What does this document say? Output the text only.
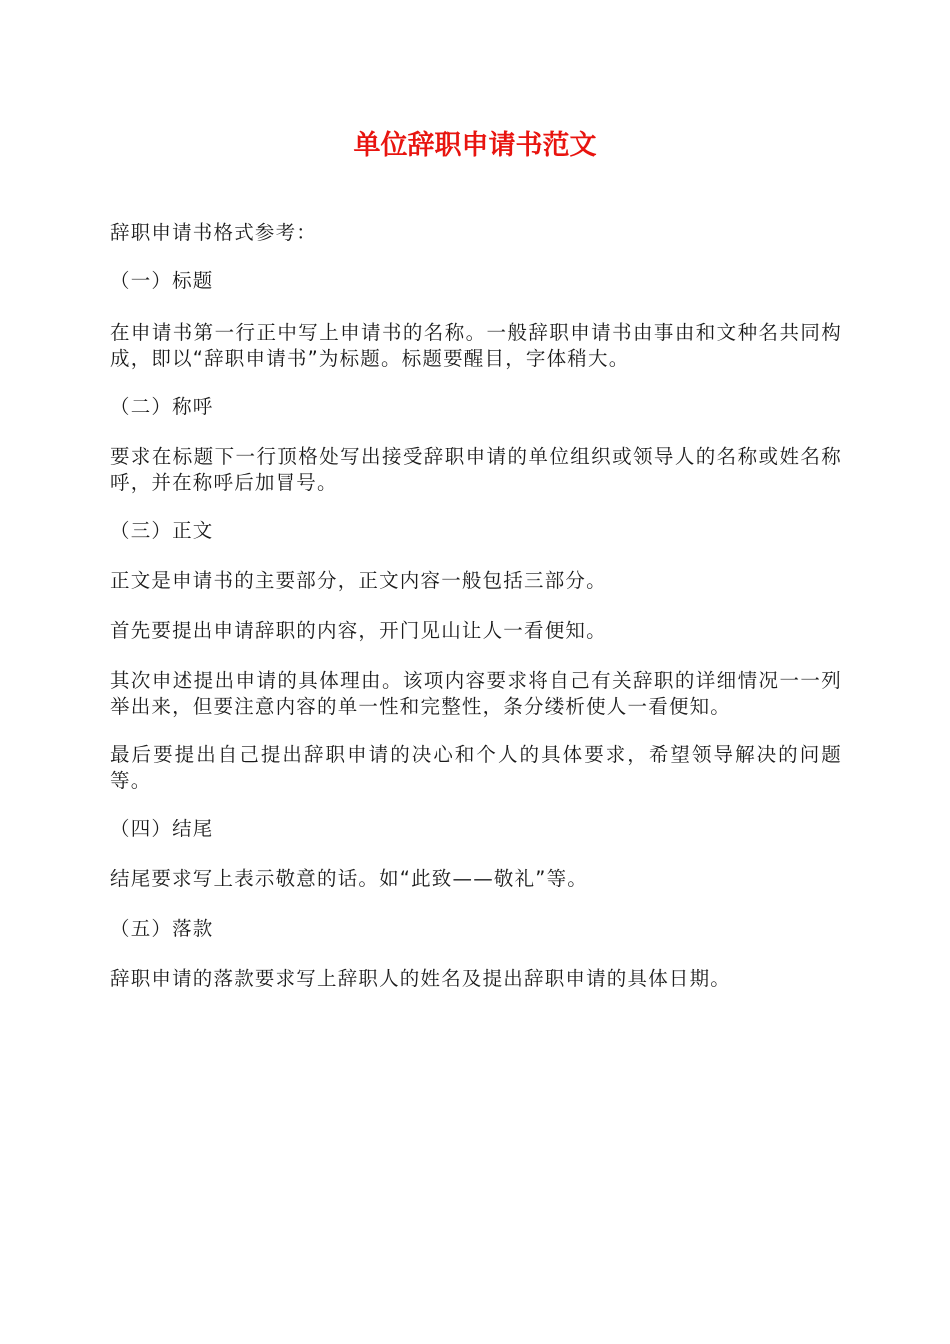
单位辞职申请书范文

辞职申请书格式参考：

（一）标题

在申请书第一行正中写上申请书的名称。一般辞职申请书由事由和文种名共同构成，即以“辞职申请书”为标题。标题要醒目，字体稍大。

（二）称呼

要求在标题下一行顶格处写出接受辞职申请的单位组织或领导人的名称或姓名称呼，并在称呼后加冒号。

（三）正文

正文是申请书的主要部分，正文内容一般包括三部分。

首先要提出申请辞职的内容，开门见山让人一看便知。

其次申述提出申请的具体理由。该项内容要求将自己有关辞职的详细情况一一列举出来，但要注意内容的单一性和完整性，条分缕析使人一看便知。

最后要提出自己提出辞职申请的决心和个人的具体要求，希望领导解决的问题等。

（四）结尾

结尾要求写上表示敬意的话。如“此致——敬礼”等。

（五）落款

辞职申请的落款要求写上辞职人的姓名及提出辞职申请的具体日期。
